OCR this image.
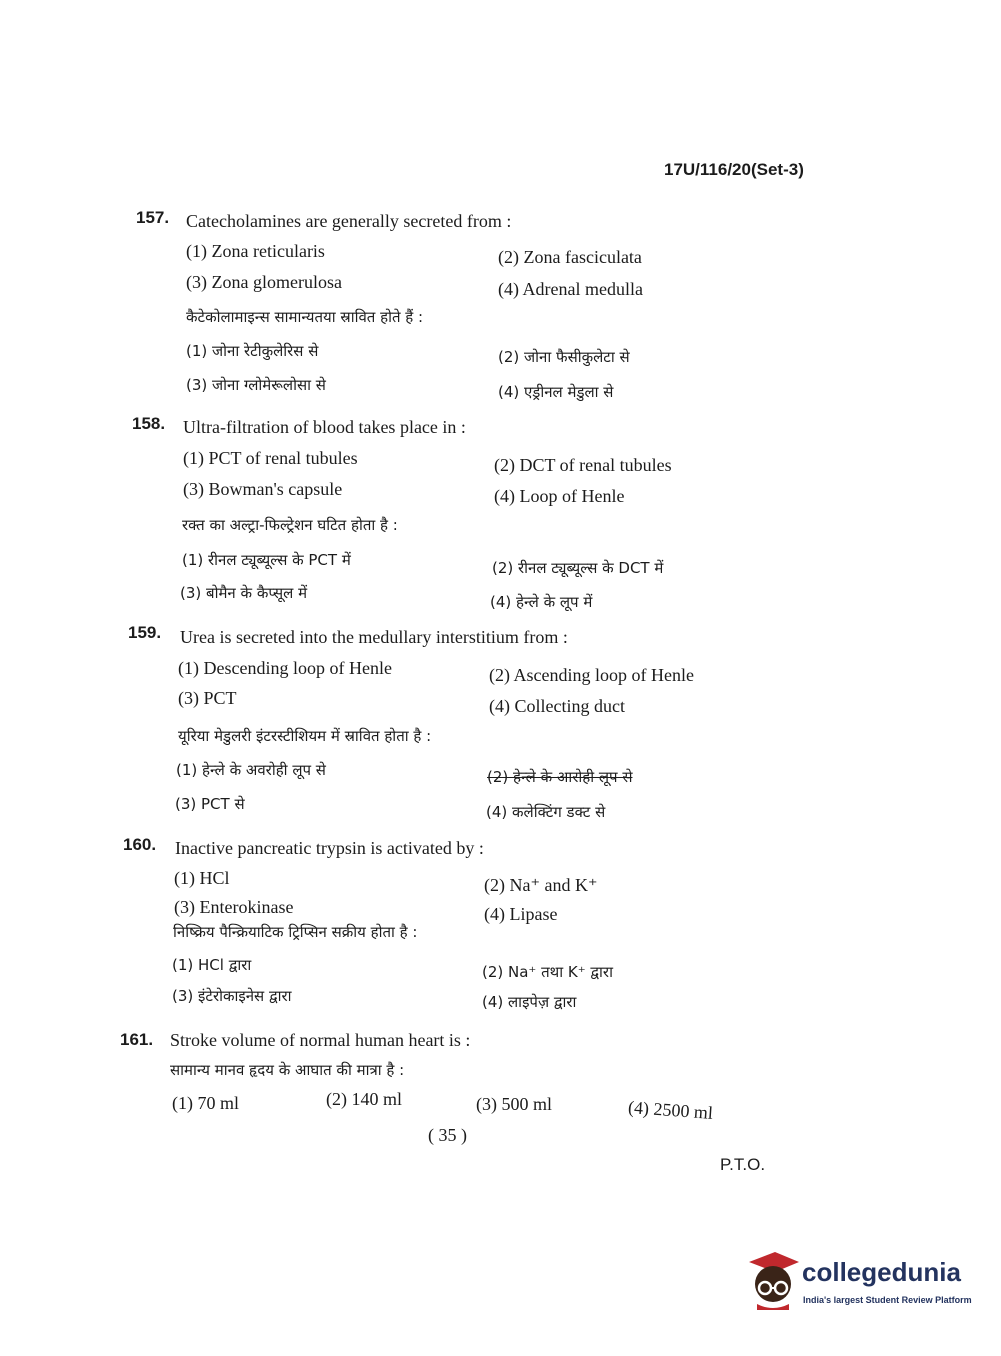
17U/116/20(Set-3)
157. Catecholamines are generally secreted from :
(1) Zona reticularis	(2) Zona fasciculata
(3) Zona glomerulosa	(4) Adrenal medulla
कैटेकोलामाइन्स सामान्यतया स्रावित होते हैं :
(1) जोना रेटीकुलेरिस से	(2) जोना फैसीकुलेटा से
(3) जोना ग्लोमेरूलोसा से	(4) एड्रीनल मेडुला से
158. Ultra-filtration of blood takes place in :
(1) PCT of renal tubules	(2) DCT of renal tubules
(3) Bowman's capsule	(4) Loop of Henle
रक्त का अल्ट्रा-फिल्ट्रेशन घटित होता है :
(1) रीनल ट्यूब्यूल्स के PCT में	(2) रीनल ट्यूब्यूल्स के DCT में
(3) बोमैन के कैप्सूल में	(4) हेन्ले के लूप में
159. Urea is secreted into the medullary interstitium from :
(1) Descending loop of Henle	(2) Ascending loop of Henle
(3) PCT	(4) Collecting duct
यूरिया मेडुलरी इंटरस्टीशियम में स्रावित होता है :
(1) हेन्ले के अवरोही लूप से	(2) हेन्ले के आरोही लूप से
(3) PCT से	(4) कलेक्टिंग डक्ट से
160. Inactive pancreatic trypsin is activated by :
(1) HCl	(2) Na⁺ and K⁺
(3) Enterokinase	(4) Lipase
निष्क्रिय पैन्क्रियाटिक ट्रिप्सिन सक्रीय होता है :
(1) HCl द्वारा	(2) Na⁺ तथा K⁺ द्वारा
(3) इंटेरोकाइनेस द्वारा	(4) लाइपेज़ द्वारा
161. Stroke volume of normal human heart is :
सामान्य मानव हृदय के आघात की मात्रा है :
(1) 70 ml	(2) 140 ml	(3) 500 ml	(4) 2500 ml
( 35 )
P.T.O.
collegedunia
India's largest Student Review Platform
